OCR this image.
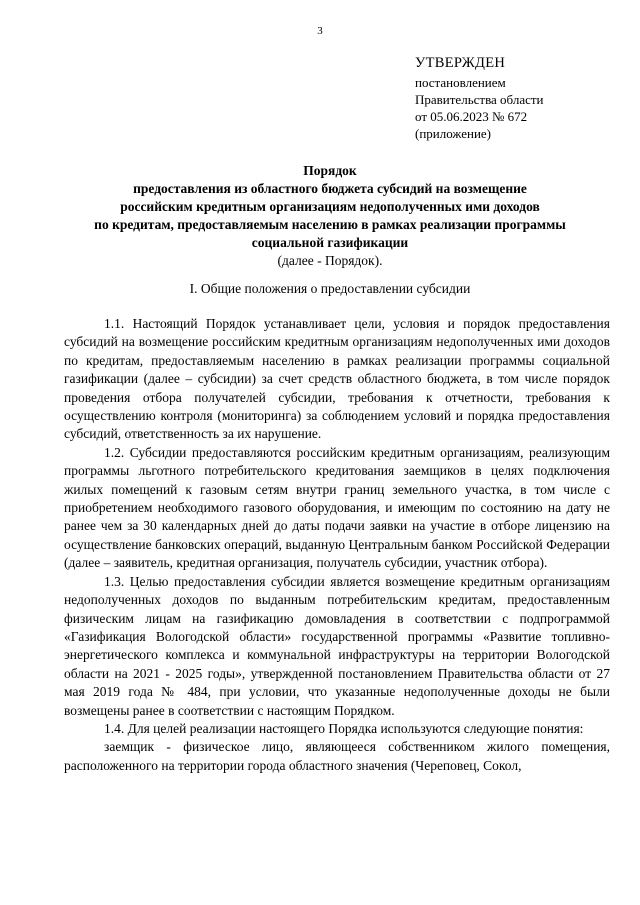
3
УТВЕРЖДЕН
постановлением
Правительства области
от 05.06.2023 № 672
(приложение)
Порядок
предоставления из областного бюджета субсидий на возмещение
российским кредитным организациям недополученных ими доходов
по кредитам, предоставляемым населению в рамках реализации программы
социальной газификации
(далее - Порядок).
I. Общие положения о предоставлении субсидии

1.1. Настоящий Порядок устанавливает цели, условия и порядок предоставления субсидий на возмещение российским кредитным организациям недополученных ими доходов по кредитам, предоставляемым населению в рамках реализации программы социальной газификации (далее – субсидии) за счет средств областного бюджета, в том числе порядок проведения отбора получателей субсидии, требования к отчетности, требования к осуществлению контроля (мониторинга) за соблюдением условий и порядка предоставления субсидий, ответственность за их нарушение.

1.2. Субсидии предоставляются российским кредитным организациям, реализующим программы льготного потребительского кредитования заемщиков в целях подключения жилых помещений к газовым сетям внутри границ земельного участка, в том числе с приобретением необходимого газового оборудования, и имеющим по состоянию на дату не ранее чем за 30 календарных дней до даты подачи заявки на участие в отборе лицензию на осуществление банковских операций, выданную Центральным банком Российской Федерации (далее – заявитель, кредитная организация, получатель субсидии, участник отбора).

1.3. Целью предоставления субсидии является возмещение кредитным организациям недополученных доходов по выданным потребительским кредитам, предоставленным физическим лицам на газификацию домовладения в соответствии с подпрограммой «Газификация Вологодской области» государственной программы «Развитие топливно-энергетического комплекса и коммунальной инфраструктуры на территории Вологодской области на 2021 - 2025 годы», утвержденной постановлением Правительства области от 27 мая 2019 года № 484, при условии, что указанные недополученные доходы не были возмещены ранее в соответствии с настоящим Порядком.

1.4. Для целей реализации настоящего Порядка используются следующие понятия:

заемщик - физическое лицо, являющееся собственником жилого помещения, расположенного на территории города областного значения (Череповец, Сокол,
